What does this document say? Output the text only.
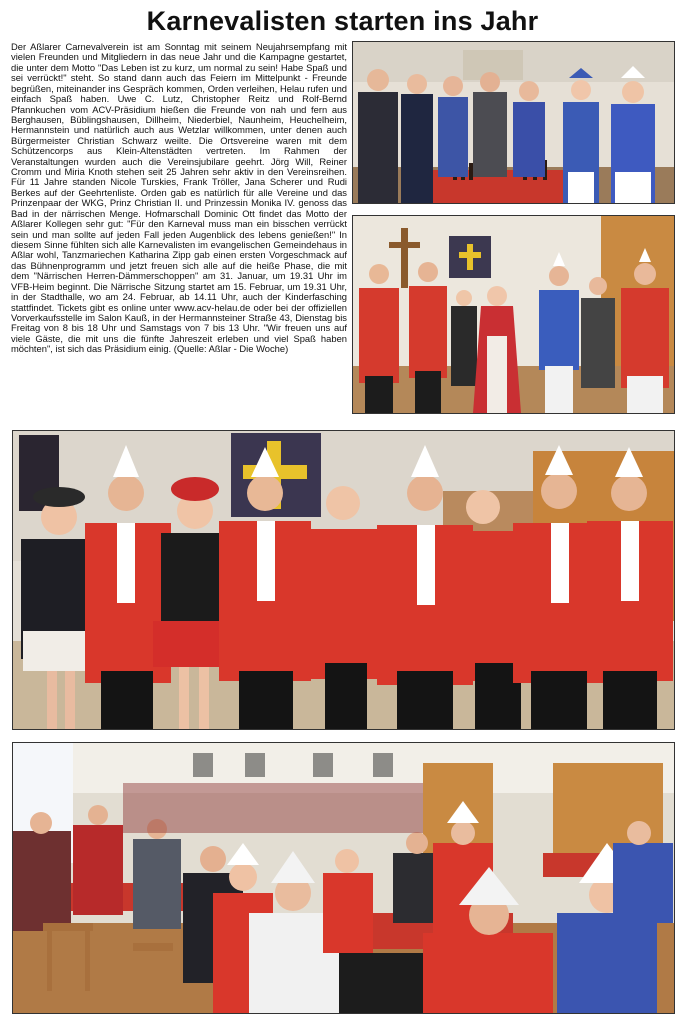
Karnevalisten starten ins Jahr

Der Aßlarer Carnevalverein ist am Sonntag mit seinem Neujahrsempfang mit vielen Freunden und Mitgliedern in das neue Jahr und die Kampagne gestartet, die unter dem Motto "Das Leben ist zu kurz, um normal zu sein! Habe Spaß und sei verrückt!" steht. So stand dann auch das Feiern im Mittelpunkt - Freunde begrüßen, miteinander ins Gespräch kommen, Orden verleihen, Helau rufen und einfach Spaß haben. Uwe C. Lutz, Christopher Reitz und Rolf-Bernd Pfannkuchen vom ACV-Präsidium hießen die Freunde von nah und fern aus Berghausen, Büblingshausen, Dillheim, Niederbiel, Naunheim, Heuchelheim, Hermannstein und natürlich auch aus Wetzlar willkommen, unter denen auch Bürgermeister Christian Schwarz weilte. Die Ortsvereine waren mit dem Schützencorps aus Klein-Altenstädten vertreten. Im Rahmen der Veranstaltungen wurden auch die Vereinsjubilare geehrt. Jörg Will, Reiner Cromm und Miria Knoth stehen seit 25 Jahren sehr aktiv in den Vereinsreihen. Für 11 Jahre standen Nicole Turskies, Frank Tröller, Jana Scherer und Rudi Berkes auf der Geehrtenliste. Orden gab es natürlich für alle Vereine und das Prinzenpaar der WKG, Prinz Christian II. und Prinzessin Monika IV. genoss das Bad in der närrischen Menge. Hofmarschall Dominic Ott findet das Motto der Aßlarer Kollegen sehr gut: "Für den Karneval muss man ein bisschen verrückt sein und man sollte auf jeden Fall jeden Augenblick des lebens genießen!" In diesem Sinne fühlten sich alle Karnevalisten im evangelischen Gemeindehaus in Aßlar wohl, Tanzmariechen Katharina Zipp gab einen ersten Vorgeschmack auf das Bühnenprogramm und jetzt freuen sich alle auf die heiße Phase, die mit dem "Närrischen Herren-Dämmerschoppen" am 31. Januar, um 19.31 Uhr im VFB-Heim beginnt. Die Närrische Sitzung startet am 15. Februar, um 19.31 Uhr, in der Stadthalle, wo am 24. Februar, ab 14.11 Uhr, auch der Kinderfasching stattfindet. Tickets gibt es online unter www.acv-helau.de oder bei der offiziellen Vorverkaufsstelle im Salon Kauß, in der Hermannsteiner Straße 43, Dienstag bis Freitag von 8 bis 18 Uhr und Samstags von 7 bis 13 Uhr. "Wir freuen uns auf viele Gäste, die mit uns die fünfte Jahreszeit erleben und viel Spaß haben möchten", ist sich das Präsidium einig. (Quelle: Aßlar - Die Woche)
